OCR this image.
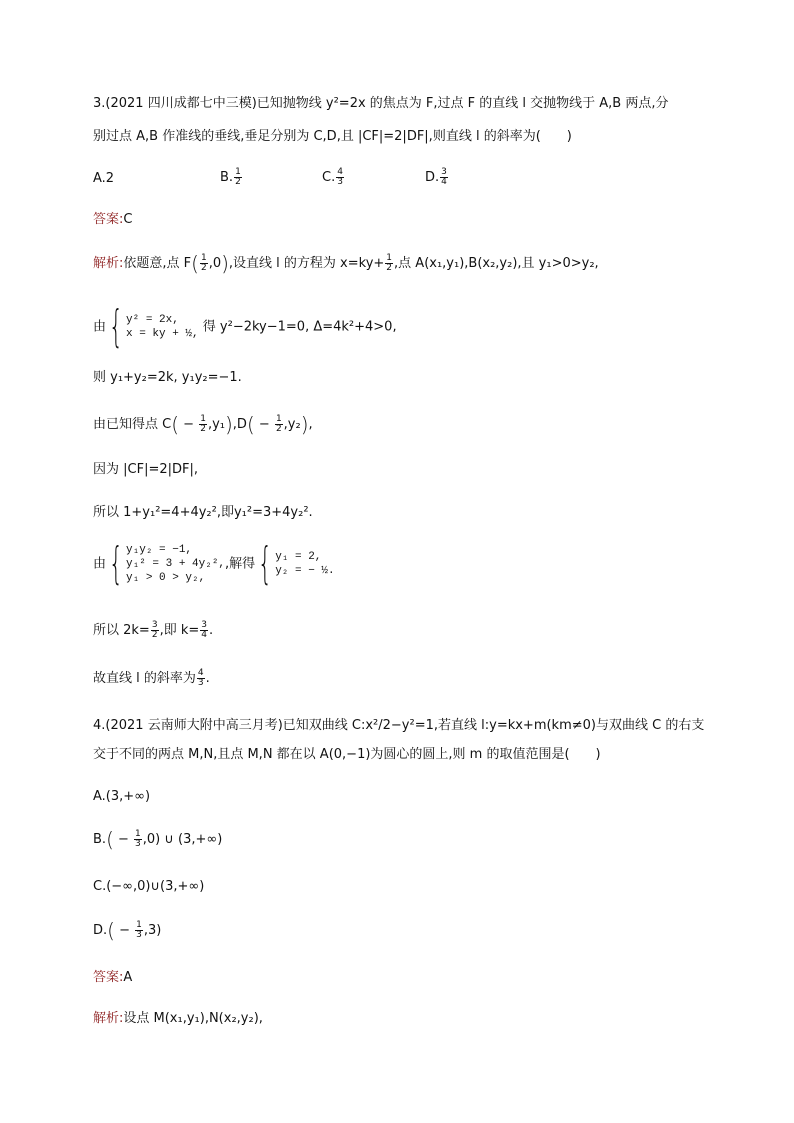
3.(2021 四川成都七中三模)已知抛物线 y²=2x 的焦点为 F,过点 F 的直线 l 交抛物线于 A,B 两点,分
别过点 A,B 作准线的垂线,垂足分别为 C,D,且 |CF|=2|DF|,则直线 l 的斜率为(　　)
A.2	B. $\frac{1}{2}$	C. $\frac{4}{3}$	D. $\frac{3}{4}$
答案:C
解析:依题意,点 $F( \frac{1}{2} ,0)$,设直线 l 的方程为 $x=ky+ \frac{1}{2}$ ,点 A(x₁,y₁),B(x₂,y₂),且 y₁>0>y₂,
由 { y² = 2x,
x = ky + ½, 得 y²−2ky−1=0, Δ=4k²+4>0,
则 y₁+y₂=2k, y₁y₂=−1.
由已知得点 $C( - \frac{1}{2} ,y_1),D( - \frac{1}{2} ,y_2)$,
因为 |CF|=2|DF|,
所以 1+y₁²=4+4y₂²,即y₁²=3+4y₂².
由 { y₁y₂ = −1,
y₁² = 3 + 4y₂²,
y₁ > 0 > y₂,
,解得 { y₁ = 2,
y₂ = − ½.
所以 $2k= \frac{3}{2}$ ,即 $k= \frac{3}{4}$ .
故直线 l 的斜率为 $\frac{4}{3}$ .
4.(2021 云南师大附中高三月考)已知双曲线 C:x²/2−y²=1,若直线 l:y=kx+m(km≠0)与双曲线 C 的右支
交于不同的两点 M,N,且点 M,N 都在以 A(0,−1)为圆心的圆上,则 m 的取值范围是(　　)
A.(3,+∞)
$B.( - \frac{1}{3} ,0)$ ∪ (3,+∞)
C.(−∞,0)∪(3,+∞)
$D.( - \frac{1}{3} ,3)$
答案:A
解析:设点 M(x₁,y₁),N(x₂,y₂),
